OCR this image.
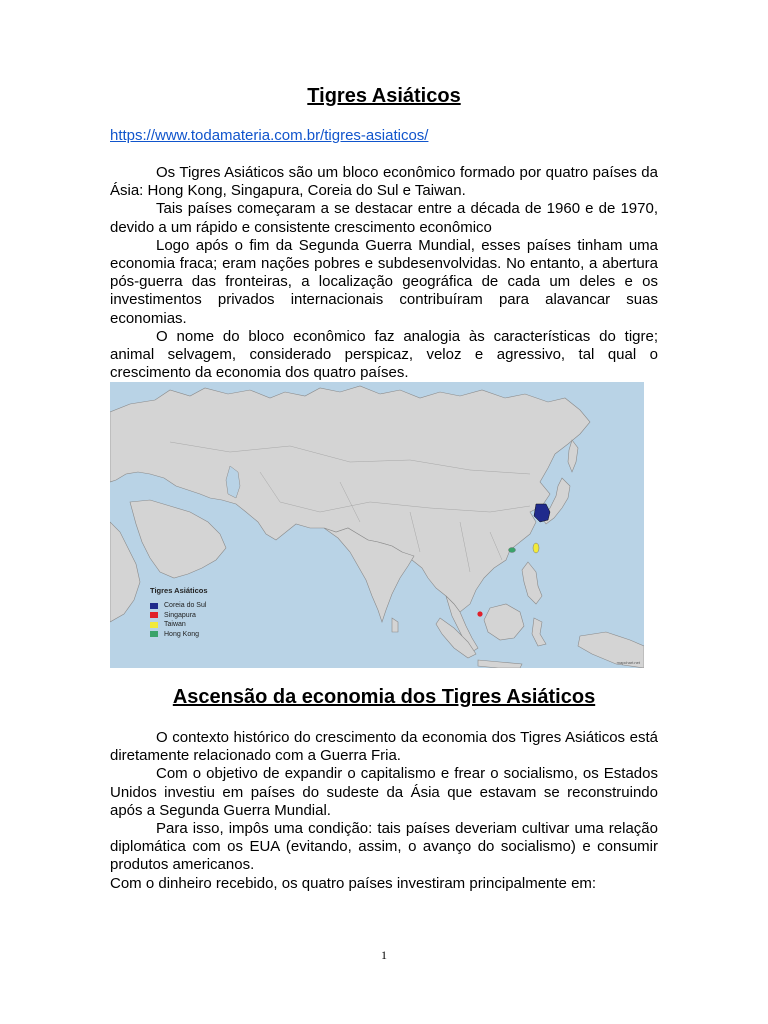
Tigres Asiáticos
https://www.todamateria.com.br/tigres-asiaticos/

Os Tigres Asiáticos são um bloco econômico formado por quatro países da Ásia: Hong Kong, Singapura, Coreia do Sul e Taiwan.

Tais países começaram a se destacar entre a década de 1960 e de 1970, devido a um rápido e consistente crescimento econômico

Logo após o fim da Segunda Guerra Mundial, esses países tinham uma economia fraca; eram nações pobres e subdesenvolvidas. No entanto, a abertura pós-guerra das fronteiras, a localização geográfica de cada um deles e os investimentos privados internacionais contribuíram para alavancar suas economias.

O nome do bloco econômico faz analogia às características do tigre; animal selvagem, considerado perspicaz, veloz e agressivo, tal qual o crescimento da economia dos quatro países.

Tigres Asiáticos
Coreia do Sul
Singapura
Taiwan
Hong Kong
mapchart.net
Ascensão da economia dos Tigres Asiáticos

O contexto histórico do crescimento da economia dos Tigres Asiáticos está diretamente relacionado com a Guerra Fria.

Com o objetivo de expandir o capitalismo e frear o socialismo, os Estados Unidos investiu em países do sudeste da Ásia que estavam se reconstruindo após a Segunda Guerra Mundial.

Para isso, impôs uma condição: tais países deveriam cultivar uma relação diplomática com os EUA (evitando, assim, o avanço do socialismo) e consumir produtos americanos.

Com o dinheiro recebido, os quatro países investiram principalmente em:

1
